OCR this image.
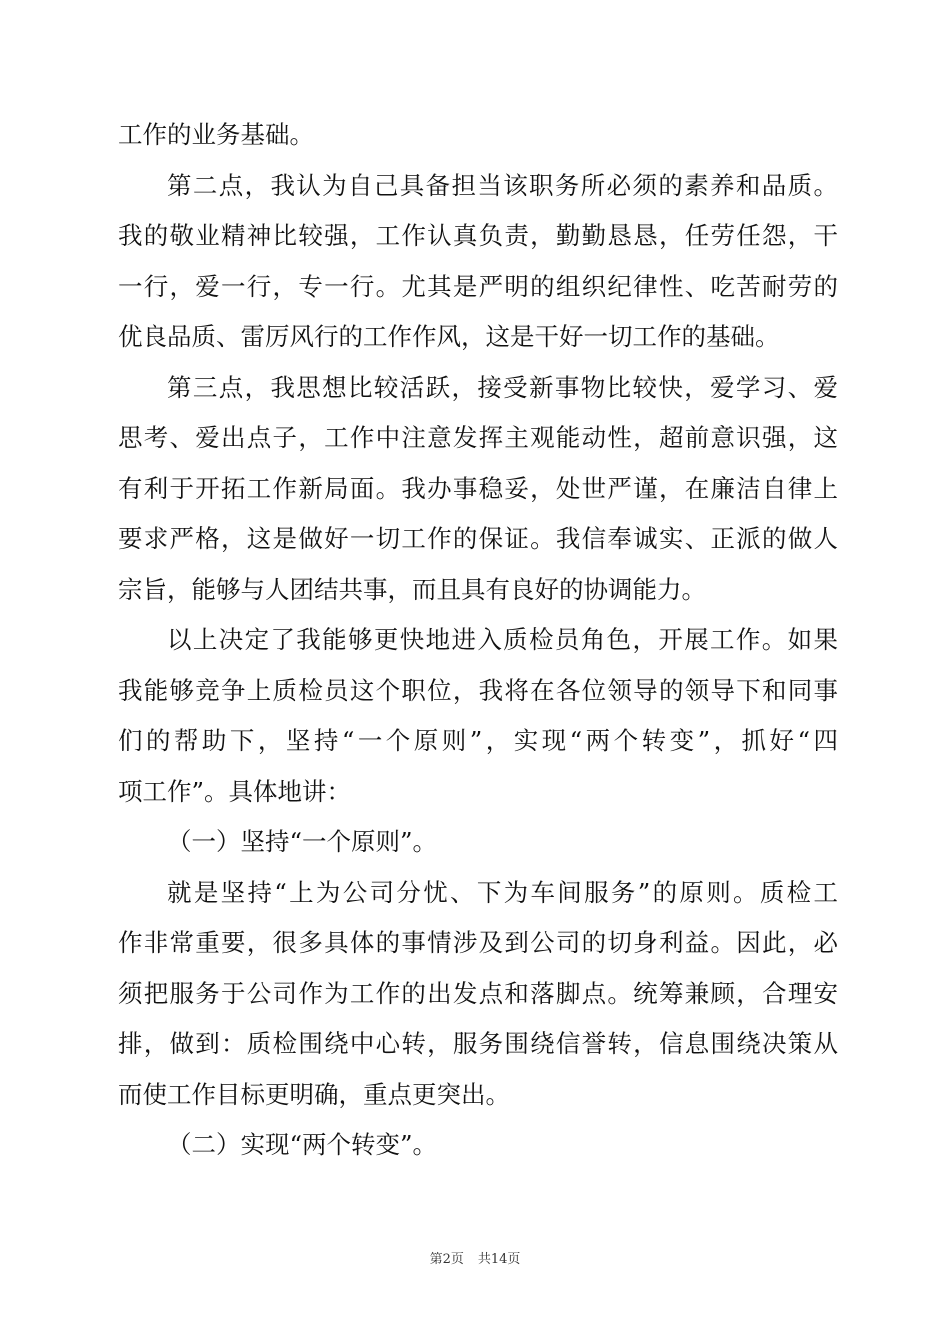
工作的业务基础。
第二点，我认为自己具备担当该职务所必须的素养和品质。
我的敬业精神比较强，工作认真负责，勤勤恳恳，任劳任怨，干
一行，爱一行，专一行。尤其是严明的组织纪律性、吃苦耐劳的
优良品质、雷厉风行的工作作风，这是干好一切工作的基础。
第三点，我思想比较活跃，接受新事物比较快，爱学习、爱
思考、爱出点子，工作中注意发挥主观能动性，超前意识强，这
有利于开拓工作新局面。我办事稳妥，处世严谨，在廉洁自律上
要求严格，这是做好一切工作的保证。我信奉诚实、正派的做人
宗旨，能够与人团结共事，而且具有良好的协调能力。
以上决定了我能够更快地进入质检员角色，开展工作。如果
我能够竞争上质检员这个职位，我将在各位领导的领导下和同事
们的帮助下，坚持“一个原则”，实现“两个转变”，抓好“四
项工作”。具体地讲：
（一）坚持“一个原则”。
就是坚持“上为公司分忧、下为车间服务”的原则。质检工
作非常重要，很多具体的事情涉及到公司的切身利益。因此，必
须把服务于公司作为工作的出发点和落脚点。统筹兼顾，合理安
排，做到：质检围绕中心转，服务围绕信誉转，信息围绕决策从
而使工作目标更明确，重点更突出。
（二）实现“两个转变”。
第2页 共14页
